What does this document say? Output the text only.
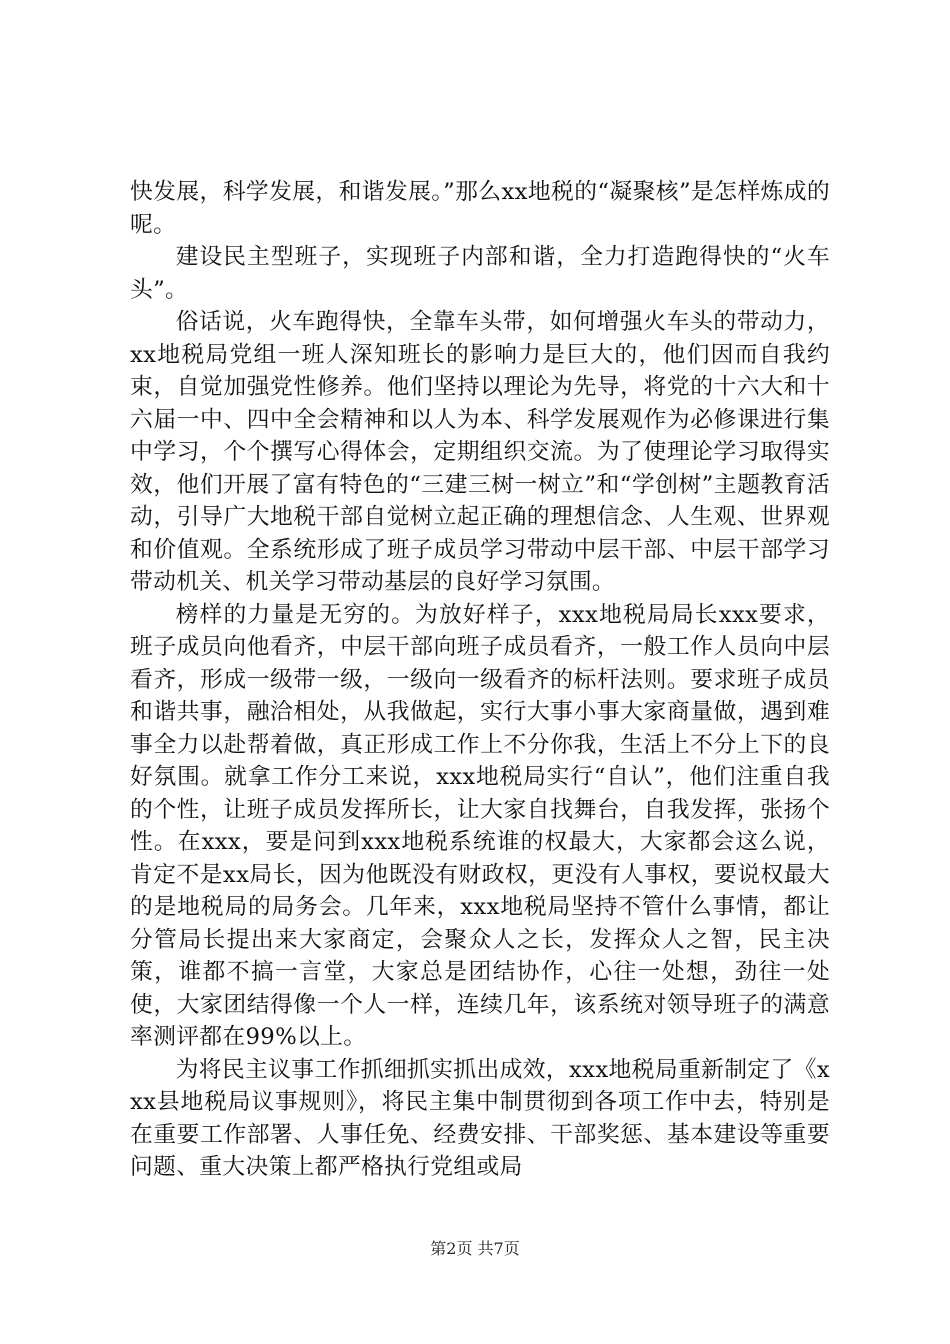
快发展，科学发展，和谐发展。”那么xx地税的“凝聚核”是怎样炼成的呢。

建设民主型班子，实现班子内部和谐，全力打造跑得快的“火车头”。

俗话说，火车跑得快，全靠车头带，如何增强火车头的带动力，xx地税局党组一班人深知班长的影响力是巨大的，他们因而自我约束，自觉加强党性修养。他们坚持以理论为先导，将党的十六大和十六届一中、四中全会精神和以人为本、科学发展观作为必修课进行集中学习，个个撰写心得体会，定期组织交流。为了使理论学习取得实效，他们开展了富有特色的“三建三树一树立”和“学创树”主题教育活动，引导广大地税干部自觉树立起正确的理想信念、人生观、世界观和价值观。全系统形成了班子成员学习带动中层干部、中层干部学习带动机关、机关学习带动基层的良好学习氛围。

榜样的力量是无穷的。为放好样子，xxx地税局局长xxx要求，班子成员向他看齐，中层干部向班子成员看齐，一般工作人员向中层看齐，形成一级带一级，一级向一级看齐的标杆法则。要求班子成员和谐共事，融洽相处，从我做起，实行大事小事大家商量做，遇到难事全力以赴帮着做，真正形成工作上不分你我，生活上不分上下的良好氛围。就拿工作分工来说，xxx地税局实行“自认”，他们注重自我的个性，让班子成员发挥所长，让大家自找舞台，自我发挥，张扬个性。在xxx，要是问到xxx地税系统谁的权最大，大家都会这么说，肯定不是xx局长，因为他既没有财政权，更没有人事权，要说权最大的是地税局的局务会。几年来，xxx地税局坚持不管什么事情，都让分管局长提出来大家商定，会聚众人之长，发挥众人之智，民主决策，谁都不搞一言堂，大家总是团结协作，心往一处想，劲往一处使，大家团结得像一个人一样，连续几年，该系统对领导班子的满意率测评都在99%以上。

为将民主议事工作抓细抓实抓出成效，xxx地税局重新制定了《xxx县地税局议事规则》，将民主集中制贯彻到各项工作中去，特别是在重要工作部署、人事任免、经费安排、干部奖惩、基本建设等重要问题、重大决策上都严格执行党组或局

第2页 共7页
